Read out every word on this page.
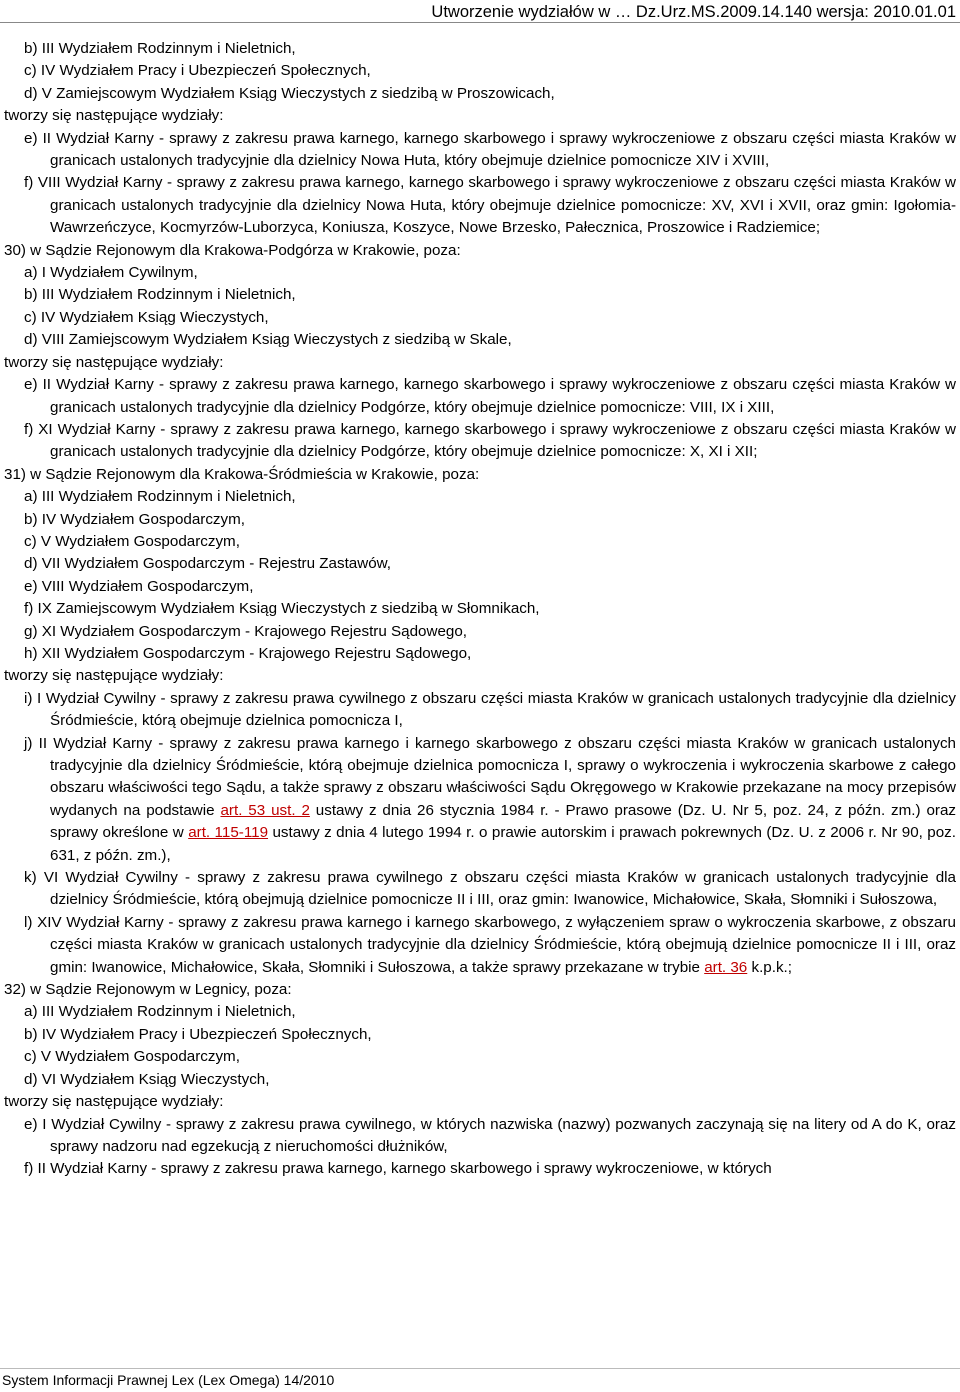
Utworzenie wydziałów w … Dz.Urz.MS.2009.14.140 wersja: 2010.01.01

b) III Wydziałem Rodzinnym i Nieletnich,

c) IV Wydziałem Pracy i Ubezpieczeń Społecznych,

d) V Zamiejscowym Wydziałem Ksiąg Wieczystych z siedzibą w Proszowicach,

tworzy się następujące wydziały:

e) II Wydział Karny - sprawy z zakresu prawa karnego, karnego skarbowego i sprawy wykroczeniowe z obszaru części miasta Kraków w granicach ustalonych tradycyjnie dla dzielnicy Nowa Huta, który obejmuje dzielnice pomocnicze XIV i XVIII,

f) VIII Wydział Karny - sprawy z zakresu prawa karnego, karnego skarbowego i sprawy wykroczeniowe z obszaru części miasta Kraków w granicach ustalonych tradycyjnie dla dzielnicy Nowa Huta, który obejmuje dzielnice pomocnicze: XV, XVI i XVII, oraz gmin: Igołomia-Wawrzeńczyce, Kocmyrzów-Luborzyca, Koniusza, Koszyce, Nowe Brzesko, Pałecznica, Proszowice i Radziemice;

30) w Sądzie Rejonowym dla Krakowa-Podgórza w Krakowie, poza:

a) I Wydziałem Cywilnym,

b) III Wydziałem Rodzinnym i Nieletnich,

c) IV Wydziałem Ksiąg Wieczystych,

d) VIII Zamiejscowym Wydziałem Ksiąg Wieczystych z siedzibą w Skale,

tworzy się następujące wydziały:

e) II Wydział Karny - sprawy z zakresu prawa karnego, karnego skarbowego i sprawy wykroczeniowe z obszaru części miasta Kraków w granicach ustalonych tradycyjnie dla dzielnicy Podgórze, który obejmuje dzielnice pomocnicze: VIII, IX i XIII,

f) XI Wydział Karny - sprawy z zakresu prawa karnego, karnego skarbowego i sprawy wykroczeniowe z obszaru części miasta Kraków w granicach ustalonych tradycyjnie dla dzielnicy Podgórze, który obejmuje dzielnice pomocnicze: X, XI i XII;

31) w Sądzie Rejonowym dla Krakowa-Śródmieścia w Krakowie, poza:

a) III Wydziałem Rodzinnym i Nieletnich,

b) IV Wydziałem Gospodarczym,

c) V Wydziałem Gospodarczym,

d) VII Wydziałem Gospodarczym - Rejestru Zastawów,

e) VIII Wydziałem Gospodarczym,

f) IX Zamiejscowym Wydziałem Ksiąg Wieczystych z siedzibą w Słomnikach,

g) XI Wydziałem Gospodarczym - Krajowego Rejestru Sądowego,

h) XII Wydziałem Gospodarczym - Krajowego Rejestru Sądowego,

tworzy się następujące wydziały:

i) I Wydział Cywilny - sprawy z zakresu prawa cywilnego z obszaru części miasta Kraków w granicach ustalonych tradycyjnie dla dzielnicy Śródmieście, którą obejmuje dzielnica pomocnicza I,

j) II Wydział Karny - sprawy z zakresu prawa karnego i karnego skarbowego z obszaru części miasta Kraków w granicach ustalonych tradycyjnie dla dzielnicy Śródmieście, którą obejmuje dzielnica pomocnicza I, sprawy o wykroczenia i wykroczenia skarbowe z całego obszaru właściwości tego Sądu, a także sprawy z obszaru właściwości Sądu Okręgowego w Krakowie przekazane na mocy przepisów wydanych na podstawie art. 53 ust. 2 ustawy z dnia 26 stycznia 1984 r. - Prawo prasowe (Dz. U. Nr 5, poz. 24, z późn. zm.) oraz sprawy określone w art. 115-119 ustawy z dnia 4 lutego 1994 r. o prawie autorskim i prawach pokrewnych (Dz. U. z 2006 r. Nr 90, poz. 631, z późn. zm.),

k) VI Wydział Cywilny - sprawy z zakresu prawa cywilnego z obszaru części miasta Kraków w granicach ustalonych tradycyjnie dla dzielnicy Śródmieście, którą obejmują dzielnice pomocnicze II i III, oraz gmin: Iwanowice, Michałowice, Skała, Słomniki i Sułoszowa,

l) XIV Wydział Karny - sprawy z zakresu prawa karnego i karnego skarbowego, z wyłączeniem spraw o wykroczenia skarbowe, z obszaru części miasta Kraków w granicach ustalonych tradycyjnie dla dzielnicy Śródmieście, którą obejmują dzielnice pomocnicze II i III, oraz gmin: Iwanowice, Michałowice, Skała, Słomniki i Sułoszowa, a także sprawy przekazane w trybie art. 36 k.p.k.;

32) w Sądzie Rejonowym w Legnicy, poza:

a) III Wydziałem Rodzinnym i Nieletnich,

b) IV Wydziałem Pracy i Ubezpieczeń Społecznych,

c) V Wydziałem Gospodarczym,

d) VI Wydziałem Ksiąg Wieczystych,

tworzy się następujące wydziały:

e) I Wydział Cywilny - sprawy z zakresu prawa cywilnego, w których nazwiska (nazwy) pozwanych zaczynają się na litery od A do K, oraz sprawy nadzoru nad egzekucją z nieruchomości dłużników,

f) II Wydział Karny - sprawy z zakresu prawa karnego, karnego skarbowego i sprawy wykroczeniowe, w których

System Informacji Prawnej Lex (Lex Omega) 14/2010
